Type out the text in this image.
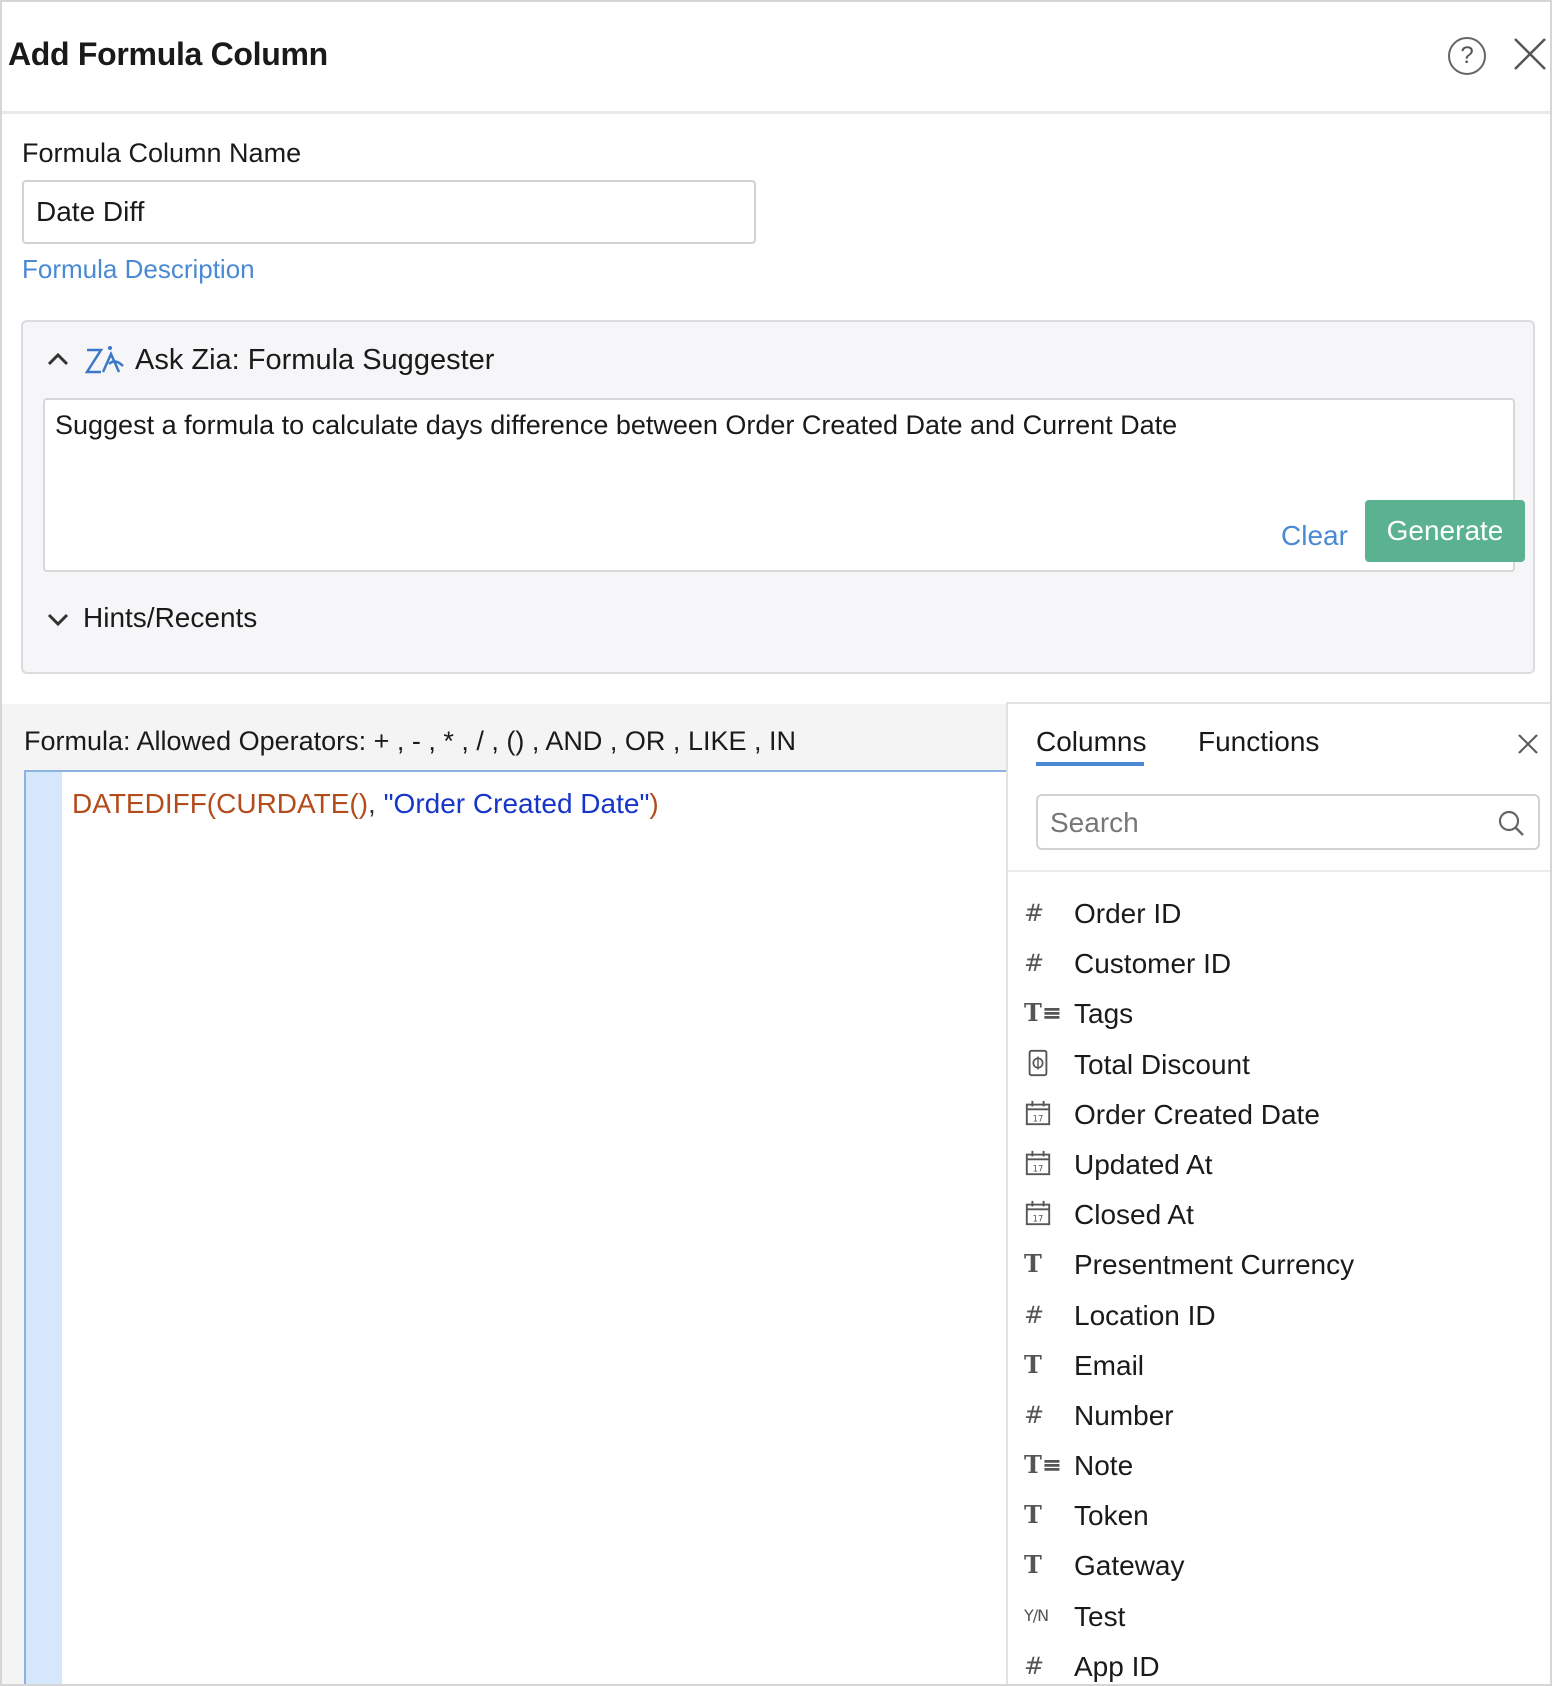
Add Formula Column	?
Formula Column Name
Date Diff
Formula Description
Ask Zia: Formula Suggester
Suggest a formula to calculate days difference between Order Created Date and Current Date
Clear	Generate
Hints/Recents
Formula: Allowed Operators: + , - , * , / , () , AND , OR , LIKE , IN
DATEDIFF(CURDATE(), "Order Created Date")
Columns Functions
Search
#	Order ID
#	Customer ID
T≡ Tags
Total Discount
17 Order Created Date
17 Updated At
17 Closed At
T	Presentment Currency
#	Location ID
T	Email
#	Number
T≡ Note
T	Token
T	Gateway
Y/N Test
#	App ID
